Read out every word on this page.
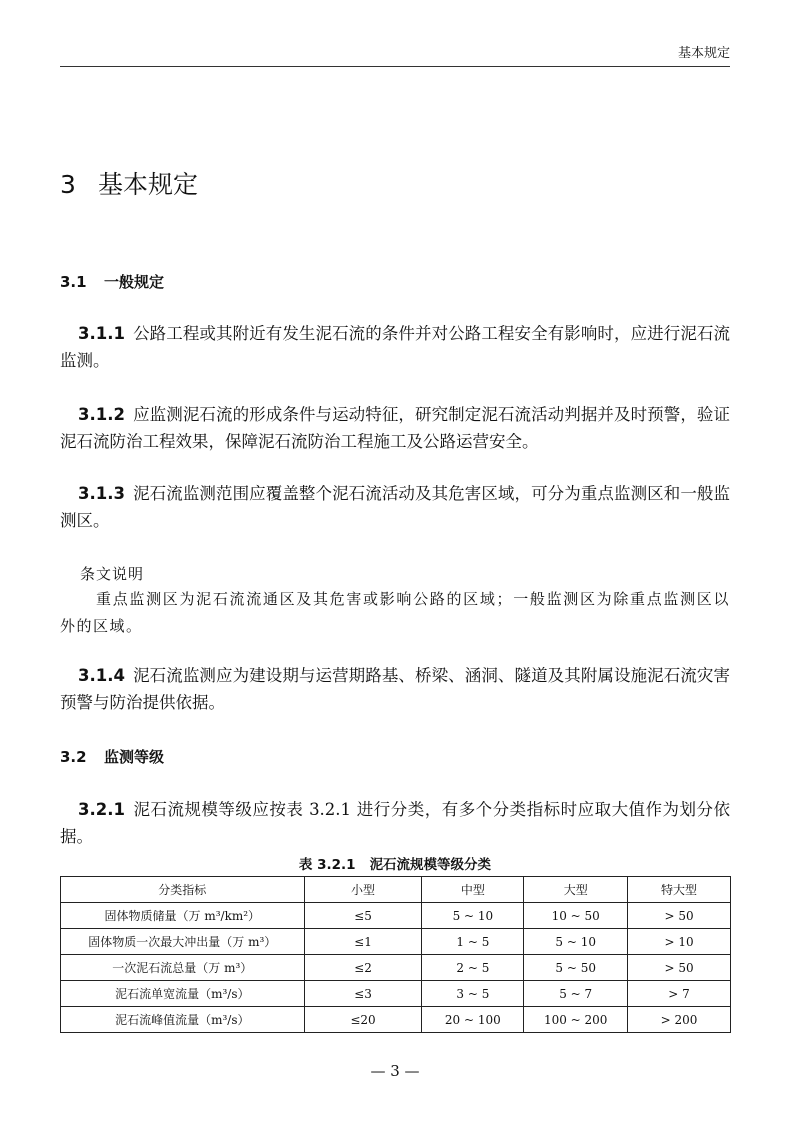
基本规定
3 基本规定
3.1 一般规定
3.1.1 公路工程或其附近有发生泥石流的条件并对公路工程安全有影响时，应进行泥石流监测。
3.1.2 应监测泥石流的形成条件与运动特征，研究制定泥石流活动判据并及时预警，验证泥石流防治工程效果，保障泥石流防治工程施工及公路运营安全。
3.1.3 泥石流监测范围应覆盖整个泥石流活动及其危害区域，可分为重点监测区和一般监测区。
条文说明
重点监测区为泥石流流通区及其危害或影响公路的区域；一般监测区为除重点监测区以外的区域。
3.1.4 泥石流监测应为建设期与运营期路基、桥梁、涵洞、隧道及其附属设施泥石流灾害预警与防治提供依据。
3.2 监测等级
3.2.1 泥石流规模等级应按表 3.2.1 进行分类，有多个分类指标时应取大值作为划分依据。
表 3.2.1 泥石流规模等级分类
分类指标	小型	中型	大型	特大型
固体物质储量（万 m³/km²）	≤5	5 ~ 10	10 ~ 50	> 50
固体物质一次最大冲出量（万 m³）	≤1	1 ~ 5	5 ~ 10	> 10
一次泥石流总量（万 m³）	≤2	2 ~ 5	5 ~ 50	> 50
泥石流单宽流量（m³/s）	≤3	3 ~ 5	5 ~ 7	> 7
泥石流峰值流量（m³/s）	≤20	20 ~ 100	100 ~ 200	> 200
— 3 —
